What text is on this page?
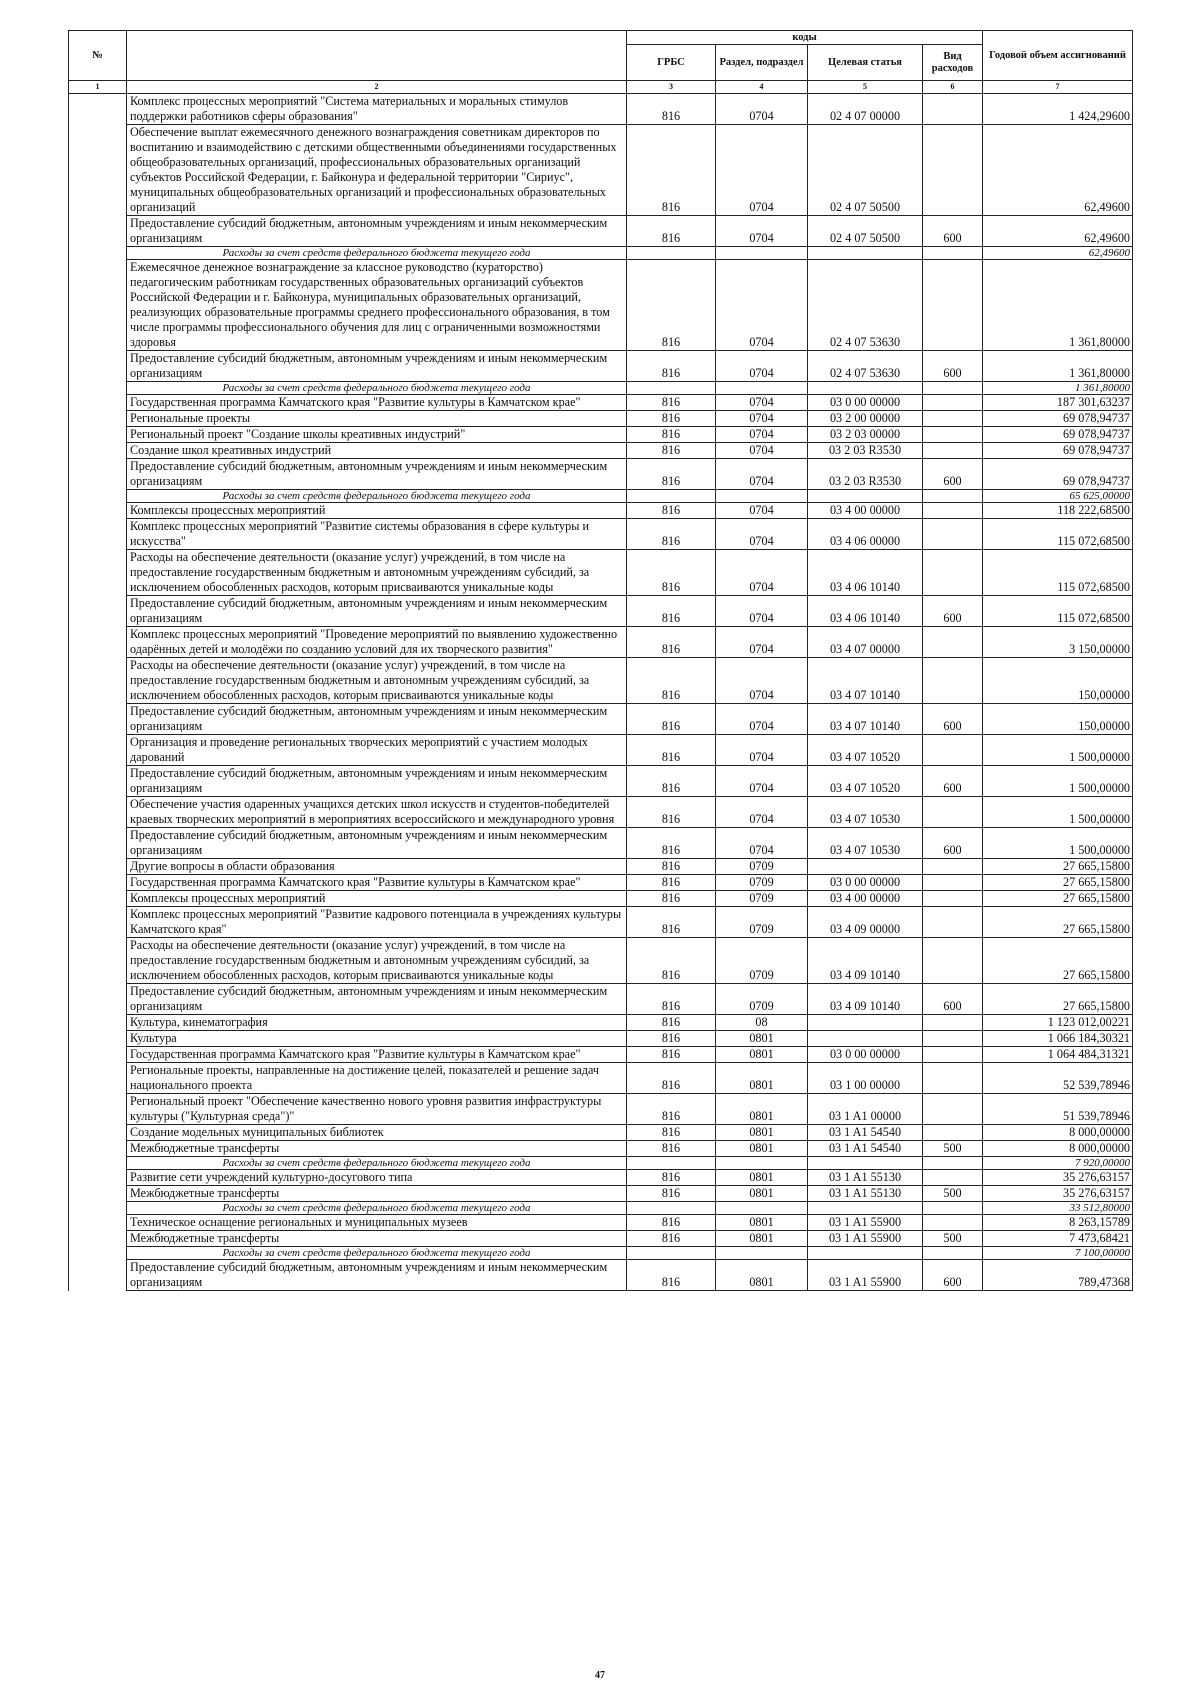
№		коды				Годовой объем ассигнований
		ГРБС	Раздел, подраздел	Целевая статья	Вид расходов	
1	2	3	4	5	6	7
	Комплекс процессных мероприятий "Система материальных и моральных стимулов поддержки работников сферы образования"	816	0704	02 4 07 00000		1 424,29600
	Обеспечение выплат ежемесячного денежного вознаграждения советникам директоров по воспитанию и взаимодействию с детскими общественными объединениями государственных общеобразовательных организаций, профессиональных образовательных организаций субъектов Российской Федерации, г. Байконура и федеральной территории "Сириус", муниципальных общеобразовательных организаций и профессиональных образовательных организаций	816	0704	02 4 07 50500		62,49600
	Предоставление субсидий бюджетным, автономным учреждениям и иным некоммерческим организациям	816	0704	02 4 07 50500	600	62,49600
	Расходы за счет средств федерального бюджета текущего года					62,49600
	Ежемесячное денежное вознаграждение за классное руководство (кураторство) педагогическим работникам государственных образовательных организаций субъектов Российской Федерации и г. Байконура, муниципальных образовательных организаций, реализующих образовательные программы среднего профессионального образования, в том числе программы профессионального обучения для лиц с ограниченными возможностями здоровья	816	0704	02 4 07 53630		1 361,80000
	Предоставление субсидий бюджетным, автономным учреждениям и иным некоммерческим организациям	816	0704	02 4 07 53630	600	1 361,80000
	Расходы за счет средств федерального бюджета текущего года					1 361,80000
	Государственная программа Камчатского края "Развитие культуры в Камчатском крае"	816	0704	03 0 00 00000		187 301,63237
	Региональные проекты	816	0704	03 2 00 00000		69 078,94737
	Региональный проект "Создание школы креативных индустрий"	816	0704	03 2 03 00000		69 078,94737
	Создание школ креативных индустрий	816	0704	03 2 03 R3530		69 078,94737
	Предоставление субсидий бюджетным, автономным учреждениям и иным некоммерческим организациям	816	0704	03 2 03 R3530	600	69 078,94737
	Расходы за счет средств федерального бюджета текущего года					65 625,00000
	Комплексы процессных мероприятий	816	0704	03 4 00 00000		118 222,68500
	Комплекс процессных мероприятий "Развитие системы образования в сфере культуры и искусства"	816	0704	03 4 06 00000		115 072,68500
	Расходы на обеспечение деятельности (оказание услуг) учреждений, в том числе на предоставление государственным бюджетным и автономным учреждениям субсидий, за исключением обособленных расходов, которым присваиваются уникальные коды	816	0704	03 4 06 10140		115 072,68500
	Предоставление субсидий бюджетным, автономным учреждениям и иным некоммерческим организациям	816	0704	03 4 06 10140	600	115 072,68500
	Комплекс процессных мероприятий "Проведение мероприятий по выявлению художественно одарённых детей и молодёжи по созданию условий для их творческого развития"	816	0704	03 4 07 00000		3 150,00000
	Расходы на обеспечение деятельности (оказание услуг) учреждений, в том числе на предоставление государственным бюджетным и автономным учреждениям субсидий, за исключением обособленных расходов, которым присваиваются уникальные коды	816	0704	03 4 07 10140		150,00000
	Предоставление субсидий бюджетным, автономным учреждениям и иным некоммерческим организациям	816	0704	03 4 07 10140	600	150,00000
	Организация и проведение региональных творческих мероприятий с участием молодых дарований	816	0704	03 4 07 10520		1 500,00000
	Предоставление субсидий бюджетным, автономным учреждениям и иным некоммерческим организациям	816	0704	03 4 07 10520	600	1 500,00000
	Обеспечение участия одаренных учащихся детских школ искусств и студентов-победителей краевых творческих мероприятий в мероприятиях всероссийского и международного уровня	816	0704	03 4 07 10530		1 500,00000
	Предоставление субсидий бюджетным, автономным учреждениям и иным некоммерческим организациям	816	0704	03 4 07 10530	600	1 500,00000
	Другие вопросы в области образования	816	0709			27 665,15800
	Государственная программа Камчатского края "Развитие культуры в Камчатском крае"	816	0709	03 0 00 00000		27 665,15800
	Комплексы процессных мероприятий	816	0709	03 4 00 00000		27 665,15800
	Комплекс процессных мероприятий "Развитие кадрового потенциала в учреждениях культуры Камчатского края"	816	0709	03 4 09 00000		27 665,15800
	Расходы на обеспечение деятельности (оказание услуг) учреждений, в том числе на предоставление государственным бюджетным и автономным учреждениям субсидий, за исключением обособленных расходов, которым присваиваются уникальные коды	816	0709	03 4 09 10140		27 665,15800
	Предоставление субсидий бюджетным, автономным учреждениям и иным некоммерческим организациям	816	0709	03 4 09 10140	600	27 665,15800
	Культура, кинематография	816	08			1 123 012,00221
	Культура	816	0801			1 066 184,30321
	Государственная программа Камчатского края "Развитие культуры в Камчатском крае"	816	0801	03 0 00 00000		1 064 484,31321
	Региональные проекты, направленные на достижение целей, показателей и решение задач национального проекта	816	0801	03 1 00 00000		52 539,78946
	Региональный проект "Обеспечение качественно нового уровня развития инфраструктуры культуры ("Культурная среда")"	816	0801	03 1 A1 00000		51 539,78946
	Создание модельных муниципальных библиотек	816	0801	03 1 A1 54540		8 000,00000
	Межбюджетные трансферты	816	0801	03 1 A1 54540	500	8 000,00000
	Расходы за счет средств федерального бюджета текущего года					7 920,00000
	Развитие сети учреждений культурно-досугового типа	816	0801	03 1 A1 55130		35 276,63157
	Межбюджетные трансферты	816	0801	03 1 A1 55130	500	35 276,63157
	Расходы за счет средств федерального бюджета текущего года					33 512,80000
	Техническое оснащение региональных и муниципальных музеев	816	0801	03 1 A1 55900		8 263,15789
	Межбюджетные трансферты	816	0801	03 1 A1 55900	500	7 473,68421
	Расходы за счет средств федерального бюджета текущего года					7 100,00000
	Предоставление субсидий бюджетным, автономным учреждениям и иным некоммерческим организациям	816	0801	03 1 A1 55900	600	789,47368
47
